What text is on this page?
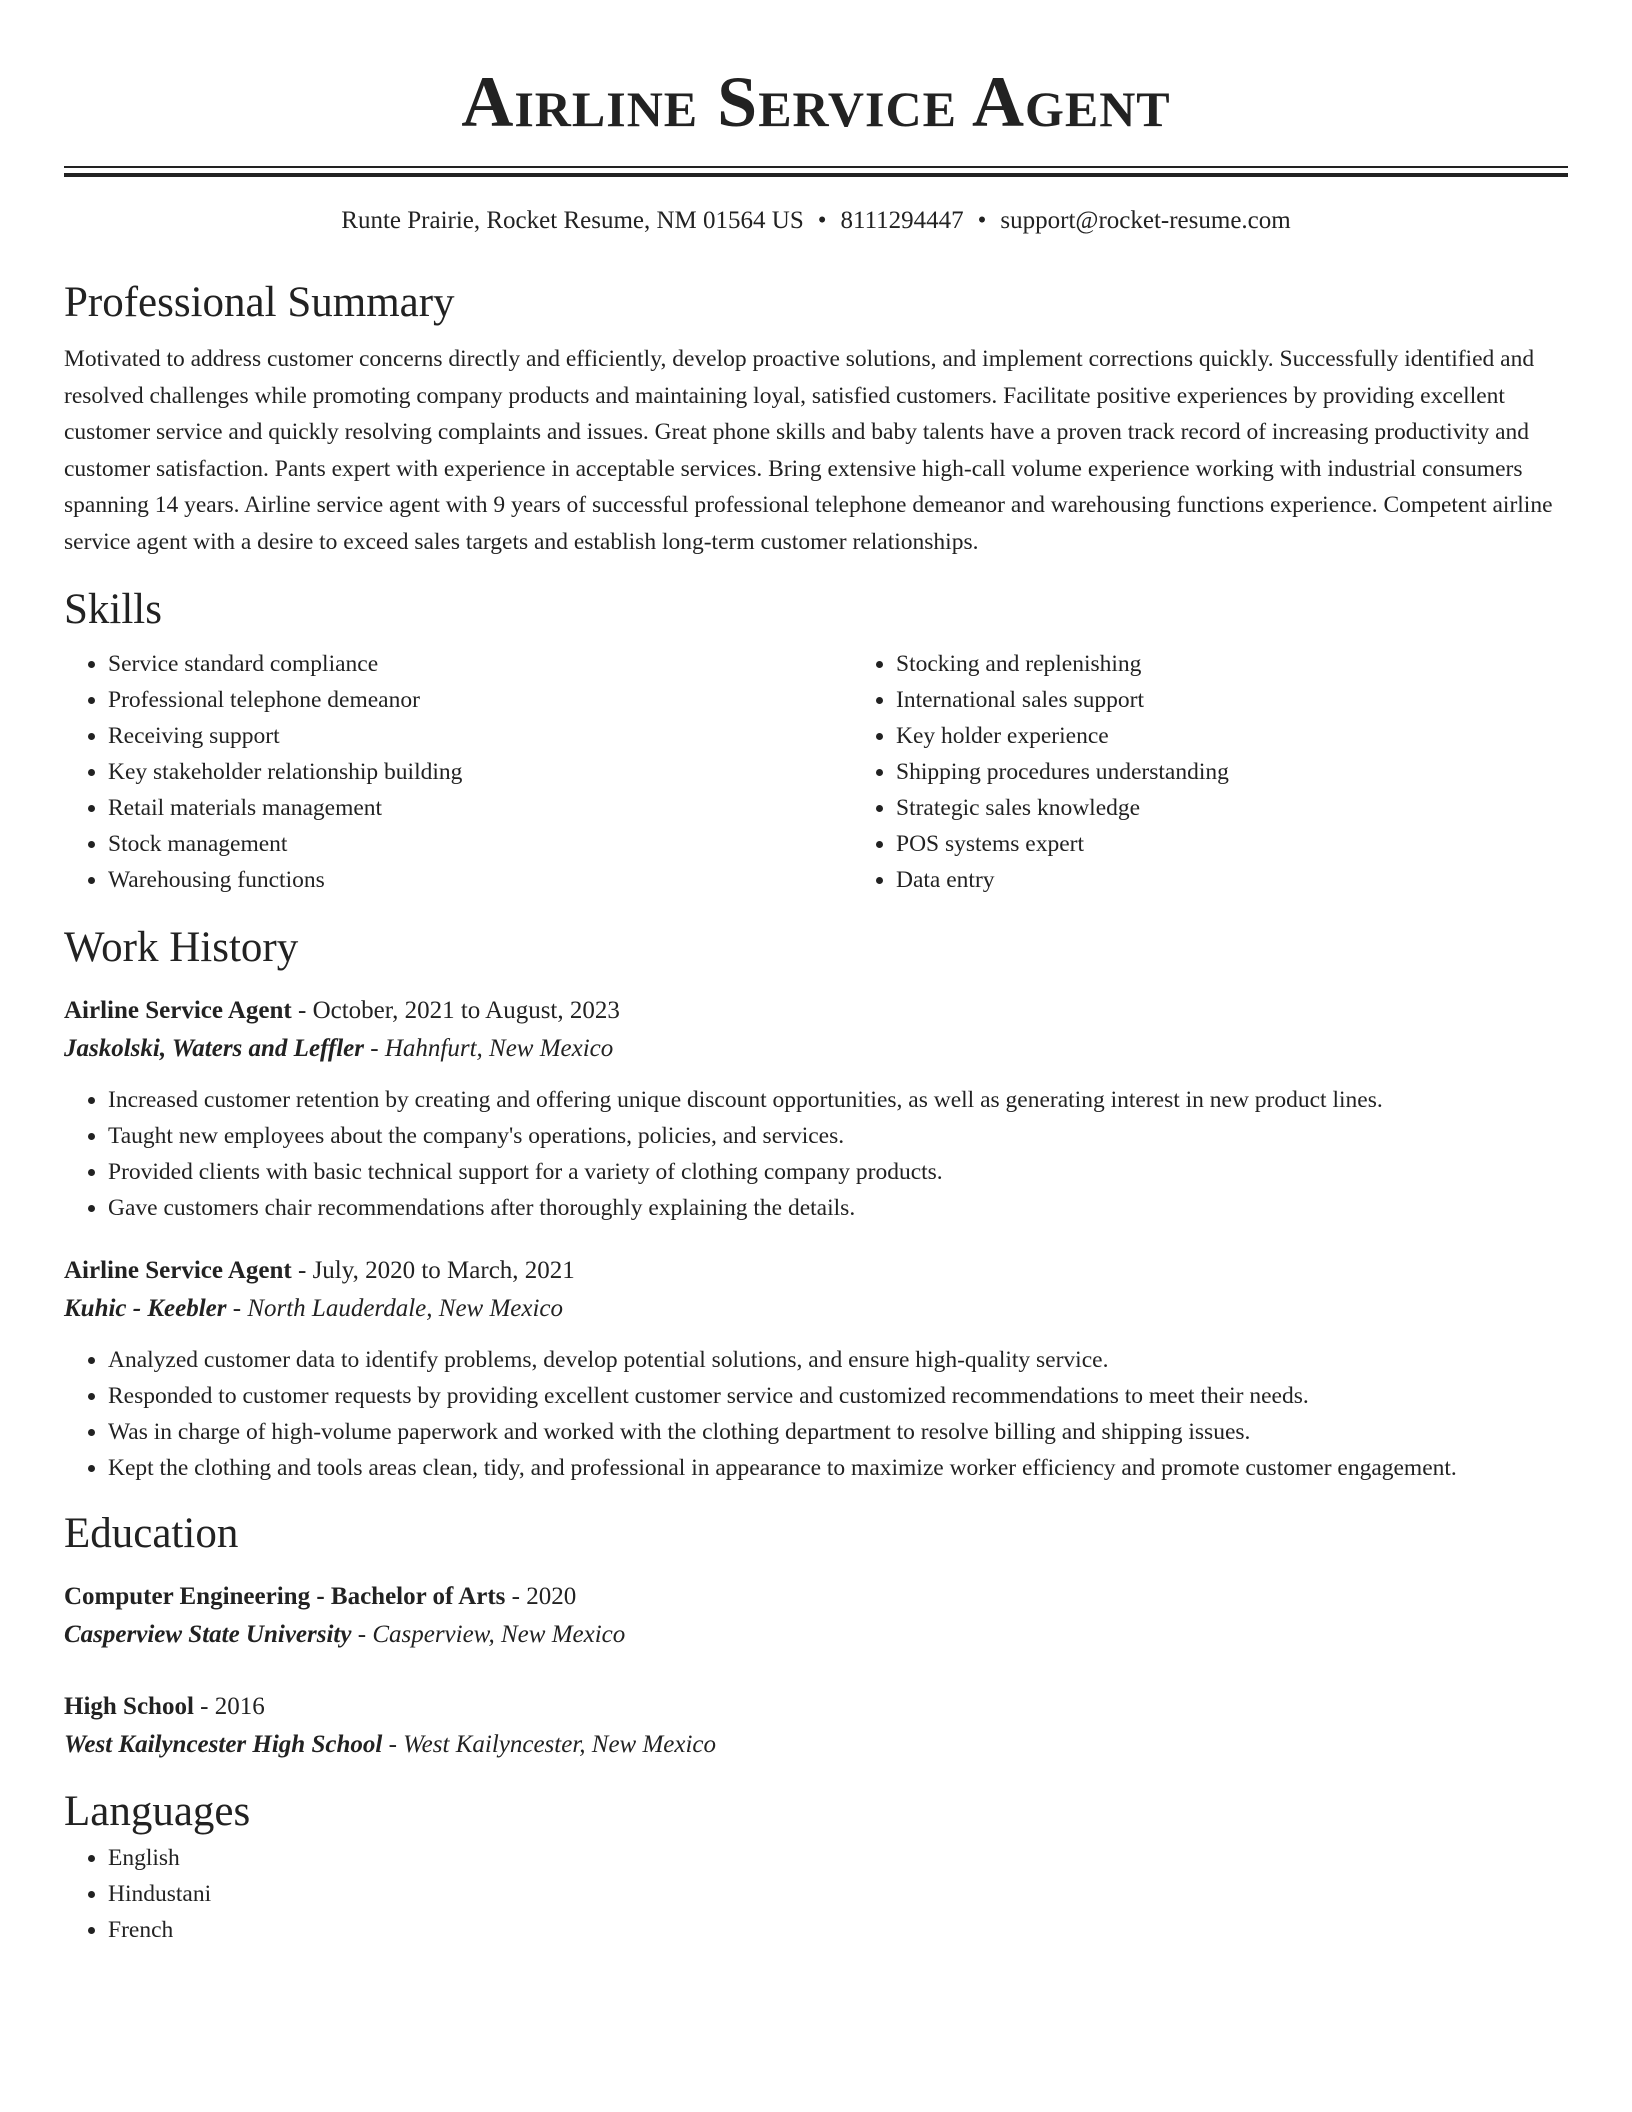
Airline Service Agent
Runte Prairie, Rocket Resume, NM 01564 US • 8111294447 • support@rocket-resume.com
Professional Summary

Motivated to address customer concerns directly and efficiently, develop proactive solutions, and implement corrections quickly. Successfully identified and resolved challenges while promoting company products and maintaining loyal, satisfied customers. Facilitate positive experiences by providing excellent customer service and quickly resolving complaints and issues. Great phone skills and baby talents have a proven track record of increasing productivity and customer satisfaction. Pants expert with experience in acceptable services. Bring extensive high-call volume experience working with industrial consumers spanning 14 years. Airline service agent with 9 years of successful professional telephone demeanor and warehousing functions experience. Competent airline service agent with a desire to exceed sales targets and establish long-term customer relationships.

Skills
• Service standard compliance
• Professional telephone demeanor
• Receiving support
• Key stakeholder relationship building
• Retail materials management
• Stock management
• Warehousing functions
• Stocking and replenishing
• International sales support
• Key holder experience
• Shipping procedures understanding
• Strategic sales knowledge
• POS systems expert
• Data entry
Work History
Airline Service Agent - October, 2021 to August, 2023
Jaskolski, Waters and Leffler - Hahnfurt, New Mexico
• Increased customer retention by creating and offering unique discount opportunities, as well as generating interest in new product lines.
• Taught new employees about the company's operations, policies, and services.
• Provided clients with basic technical support for a variety of clothing company products.
• Gave customers chair recommendations after thoroughly explaining the details.
Airline Service Agent - July, 2020 to March, 2021
Kuhic - Keebler - North Lauderdale, New Mexico
• Analyzed customer data to identify problems, develop potential solutions, and ensure high-quality service.
• Responded to customer requests by providing excellent customer service and customized recommendations to meet their needs.
• Was in charge of high-volume paperwork and worked with the clothing department to resolve billing and shipping issues.
• Kept the clothing and tools areas clean, tidy, and professional in appearance to maximize worker efficiency and promote customer engagement.
Education
Computer Engineering - Bachelor of Arts - 2020
Casperview State University - Casperview, New Mexico
High School - 2016
West Kailyncester High School - West Kailyncester, New Mexico
Languages
• English
• Hindustani
• French
